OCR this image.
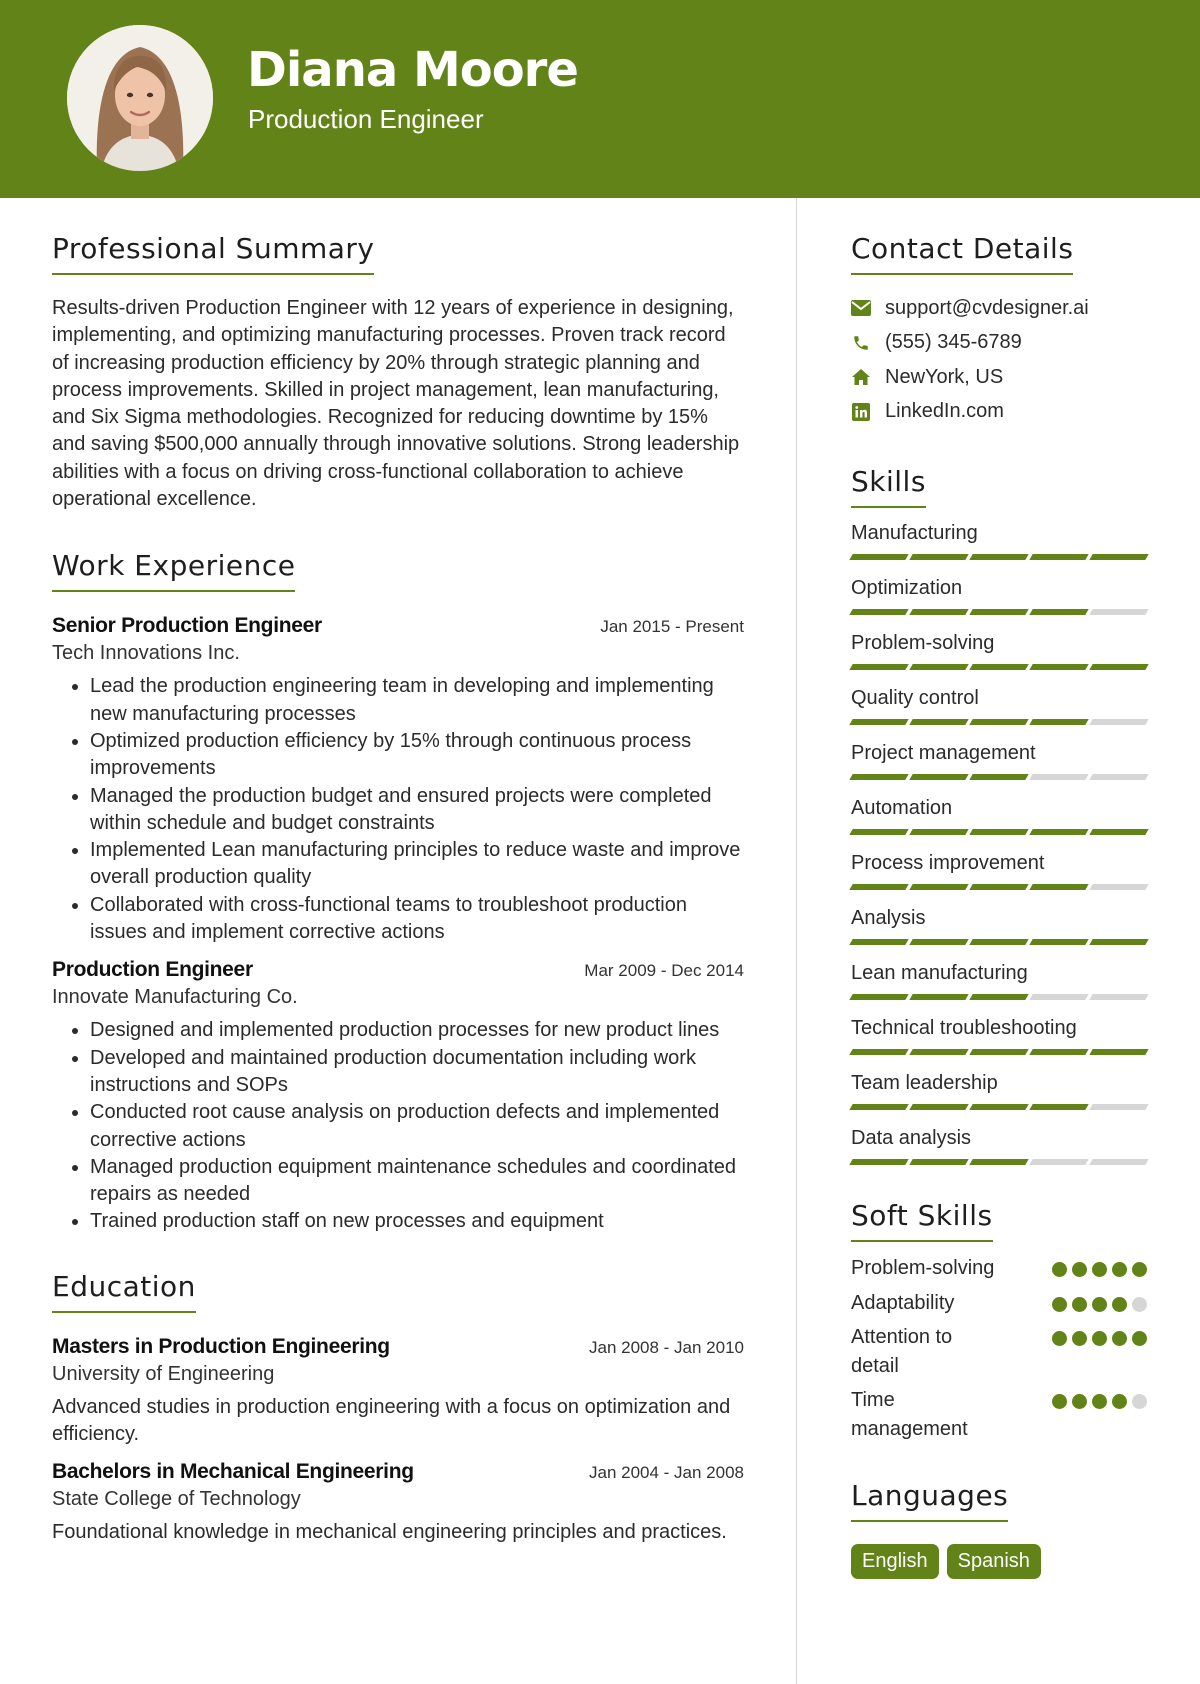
Diana Moore
Production Engineer
Professional Summary
Results-driven Production Engineer with 12 years of experience in designing, implementing, and optimizing manufacturing processes. Proven track record of increasing production efficiency by 20% through strategic planning and process improvements. Skilled in project management, lean manufacturing, and Six Sigma methodologies. Recognized for reducing downtime by 15% and saving $500,000 annually through innovative solutions. Strong leadership abilities with a focus on driving cross-functional collaboration to achieve operational excellence.
Work Experience
Senior Production Engineer	Jan 2015 - Present
Tech Innovations Inc.
• Lead the production engineering team in developing and implementing new manufacturing processes
• Optimized production efficiency by 15% through continuous process improvements
• Managed the production budget and ensured projects were completed within schedule and budget constraints
• Implemented Lean manufacturing principles to reduce waste and improve overall production quality
• Collaborated with cross-functional teams to troubleshoot production issues and implement corrective actions
Production Engineer	Mar 2009 - Dec 2014
Innovate Manufacturing Co.
• Designed and implemented production processes for new product lines
• Developed and maintained production documentation including work instructions and SOPs
• Conducted root cause analysis on production defects and implemented corrective actions
• Managed production equipment maintenance schedules and coordinated repairs as needed
• Trained production staff on new processes and equipment
Education
Masters in Production Engineering	Jan 2008 - Jan 2010
University of Engineering
Advanced studies in production engineering with a focus on optimization and efficiency.
Bachelors in Mechanical Engineering	Jan 2004 - Jan 2008
State College of Technology
Foundational knowledge in mechanical engineering principles and practices.
Contact Details
support@cvdesigner.ai
(555) 345-6789
NewYork, US
LinkedIn.com
Skills
Manufacturing
Optimization
Problem-solving
Quality control
Project management
Automation
Process improvement
Analysis
Lean manufacturing
Technical troubleshooting
Team leadership
Data analysis
Soft Skills
Problem-solving
Adaptability
Attention to detail
Time management
Languages
English	Spanish
